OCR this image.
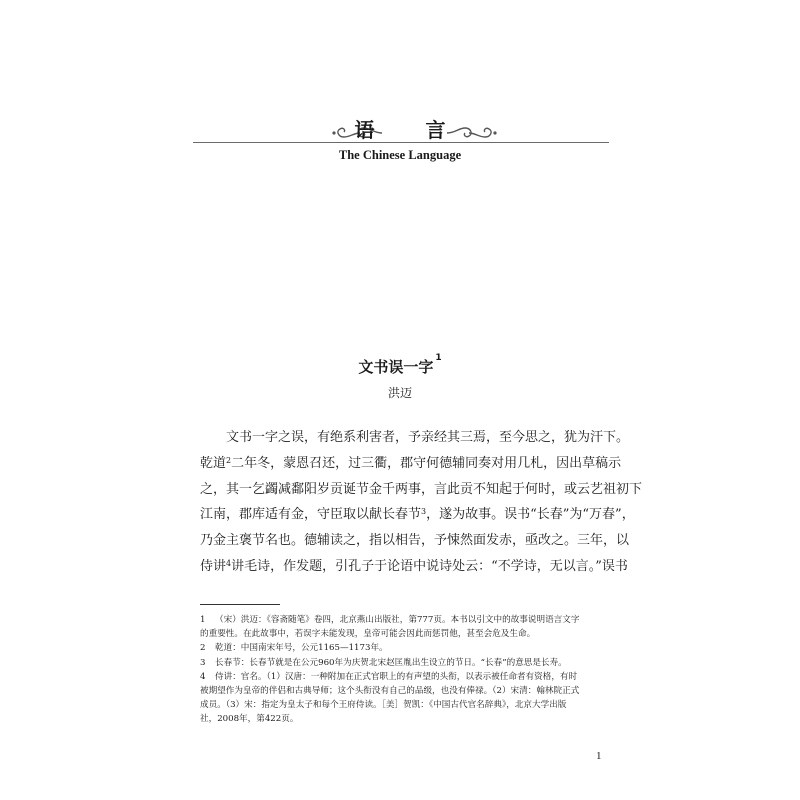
语 言
The Chinese Language
文书误一字 $^1$
洪迈
文书一字之误，有绝系利害者，予亲经其三焉，至今思之，犹为汗下。
乾道$^2$二年冬，蒙恩召还，过三衢，郡守何德辅同奏对用几札，因出草稿示
之，其一乞蠲减鄱阳岁贡诞节金千两事，言此贡不知起于何时，或云艺祖初下
江南，郡库适有金，守臣取以献长春节$^3$，遂为故事。误书“长春”为“万春”，
乃金主褒节名也。德辅读之，指以相告，予悚然面发赤，亟改之。三年，以
侍讲$^4$讲毛诗，作发题，引孔子于论语中说诗处云：“不学诗，无以言。”误书
1 （宋）洪迈：《容斋随笔》卷四，北京燕山出版社，第777页。本书以引文中的故事说明语言文字
的重要性。在此故事中，若误字未能发现，皇帝可能会因此而惩罚他，甚至会危及生命。
2 乾道：中国南宋年号，公元1165—1173年。
3 长春节：长春节就是在公元960年为庆贺北宋赵匡胤出生设立的节日。“长春”的意思是长寿。
4 侍讲：官名。（1）汉唐：一种附加在正式官职上的有声望的头衔，以表示被任命者有资格，有时
被期望作为皇帝的伴侣和古典导师；这个头衔没有自己的品级，也没有俸禄。（2）宋清：翰林院正式
成员。（3）宋：指定为皇太子和每个王府侍读。［美］贺凯：《中国古代官名辞典》，北京大学出版
社，2008年，第422页。
1
